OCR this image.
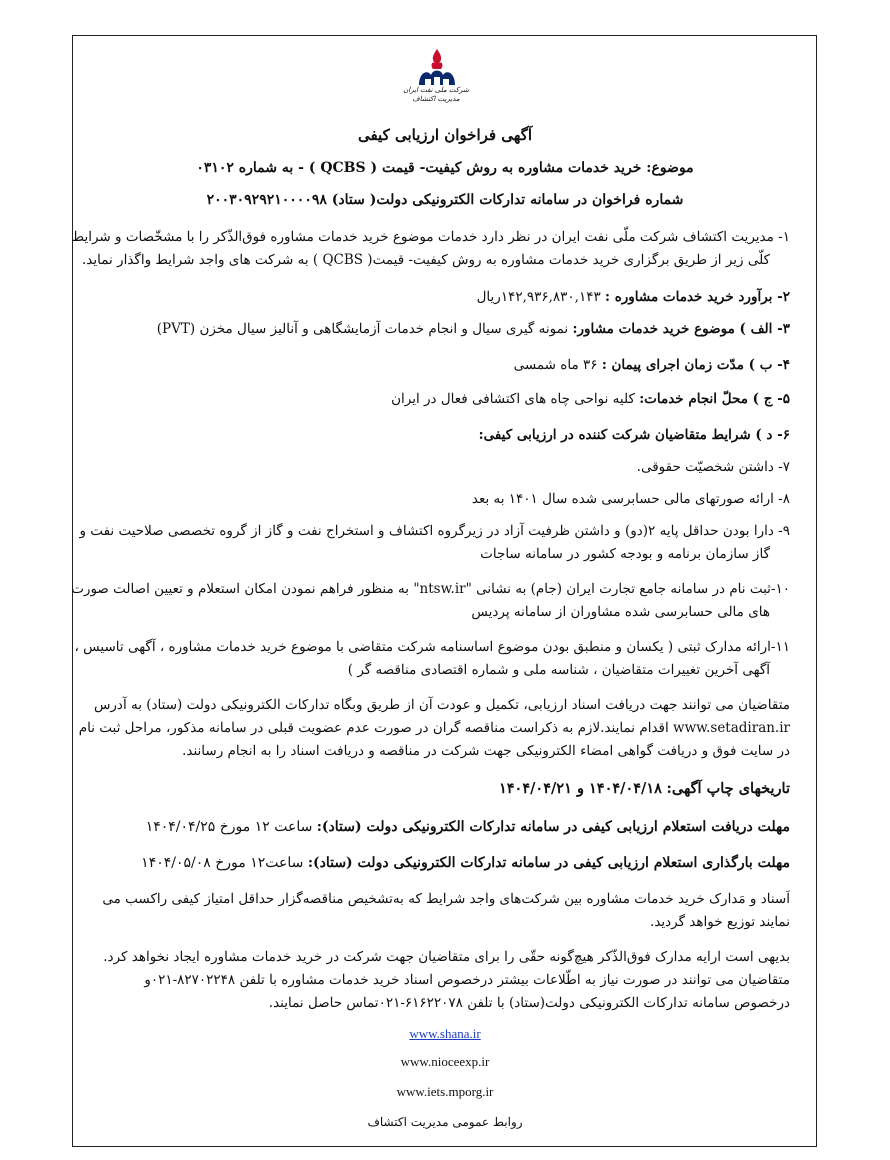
شرکت ملی نفت ایران
مدیریت اکتشاف
آگهی فراخوان ارزیابی کیفی
موضوع: خرید خدمات مشاوره به روش کیفیت- قیمت ( QCBS ) - به شماره ۰۳۱۰۲
شماره فراخوان در سامانه تدارکات الکترونیکی دولت( ستاد) ۲۰۰۳۰۹۲۹۲۱۰۰۰۰۹۸
۱- مدیریت اکتشاف شرکت ملّی نفت ایران در نظر دارد خدمات موضوع خرید خدمات مشاوره فوق‌الذّکر را با مشخّصات و شرایط
کلّی زیر از طریق برگزاری خرید خدمات مشاوره به روش کیفیت- قیمت( QCBS ) به شرکت های واجد شرایط واگذار نماید.
۲- برآورد خرید خدمات مشاوره : ۱۴۲,۹۳۶,۸۳۰,۱۴۳ریال
۳- الف ) موضوع خرید خدمات مشاور: نمونه گیری سیال و انجام خدمات آزمایشگاهی و آنالیز سیال مخزن (PVT)
۴- ب ) مدّت زمان اجرای پیمان : ۳۶ ماه شمسی
۵- ج ) محلّ انجام خدمات: کلیه نواحی چاه های اکتشافی فعال در ایران
۶- د ) شرایط متقاضیان شرکت کننده در ارزیابی کیفی:
۷- داشتن شخصیّت حقوقی.
۸- ارائه صورتهای مالی حسابرسی شده سال ۱۴۰۱ به بعد
۹- دارا بودن حداقل پایه ۲(دو) و داشتن ظرفیت آزاد در زیرگروه اکتشاف و استخراج نفت و گاز از گروه تخصصی صلاحیت نفت و
گاز سازمان برنامه و بودجه کشور در سامانه ساجات
۱۰-ثبت نام در سامانه جامع تجارت ایران (جام) به نشانی "ntsw.ir" به منظور فراهم نمودن امکان استعلام و تعیین اصالت صورت
های مالی حسابرسی شده مشاوران از سامانه پردیس
۱۱-ارائه مدارک ثبتی ( یکسان و منطبق بودن موضوع اساسنامه شرکت متقاضی با موضوع خرید خدمات مشاوره ، آگهی تاسیس ،
آگهی آخرین تغییرات متقاضیان ، شناسه ملی و شماره اقتصادی مناقصه گر )
متقاضیان می توانند جهت دریافت اسناد ارزیابی، تکمیل و عودت آن از طریق وبگاه تدارکات الکترونیکی دولت (ستاد) به آدرس
www.setadiran.ir اقدام نمایند.لازم به ذکراست مناقصه گران در صورت عدم عضویت قبلی در سامانه مذکور، مراحل ثبت نام
در سایت فوق و دریافت گواهی امضاء الکترونیکی جهت شرکت در مناقصه و دریافت اسناد را به انجام رسانند.
تاریخهای چاپ آگهی: ۱۴۰۴/۰۴/۱۸ و ۱۴۰۴/۰۴/۲۱
مهلت دریافت استعلام ارزیابی کیفی در سامانه تدارکات الکترونیکی دولت (ستاد): ساعت ۱۲ مورخ ۱۴۰۴/۰۴/۲۵
مهلت بارگذاری استعلام ارزیابی کیفی در سامانه تدارکات الکترونیکی دولت (ستاد): ساعت۱۲ مورخ ۱۴۰۴/۰۵/۰۸
اَسناد و مَدارک خرید خدمات مشاوره بین شرکت‌های واجد شرایط که به‌تشخیص مناقصه‌گزار حداقل امتیاز کیفی راکسب می
نمایند توزیع خواهد گردید.
بدیهی است ارایه مدارک فوق‌الذّکر هیچ‌گونه حقّی را برای متقاضیان جهت شرکت در خرید خدمات مشاوره ایجاد نخواهد کرد.
متقاضیان می توانند در صورت نیاز به اطّلاعات بیشتر درخصوص اسناد خرید خدمات مشاوره با تلفن ۸۲۷۰۲۲۴۸-۰۲۱و
درخصوص سامانه تدارکات الکترونیکی دولت(ستاد) با تلفن ۶۱۶۲۲۰۷۸-۰۲۱تماس حاصل نمایند.
www.shana.ir
www.nioceexp.ir
www.iets.mporg.ir
روابط عمومی مدیریت اکتشاف
